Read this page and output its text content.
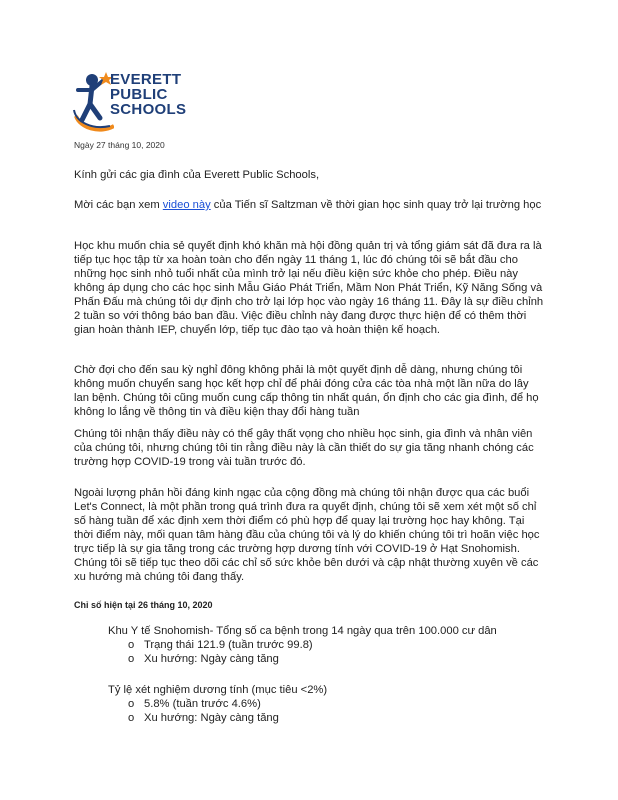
EVERETT
PUBLIC
SCHOOLS
Ngày 27 tháng 10, 2020
Kính gửi các gia đình của Everett Public Schools,
Mời các bạn xem video này của Tiến sĩ Saltzman về thời gian học sinh quay trở lại trường học
Học khu muốn chia sẻ quyết định khó khăn mà hội đồng quản trị và tổng giám sát đã đưa ra là tiếp tục học tập từ xa hoàn toàn cho đến ngày 11 tháng 1, lúc đó chúng tôi sẽ bắt đầu cho những học sinh nhỏ tuổi nhất của mình trở lại nếu điều kiện sức khỏe cho phép. Điều này không áp dụng cho các học sinh Mẫu Giáo Phát Triển, Mầm Non Phát Triển, Kỹ Năng Sống và Phấn Đấu mà chúng tôi dự định cho trở lại lớp học vào ngày 16 tháng 11. Đây là sự điều chỉnh 2 tuần so với thông báo ban đầu. Việc điều chỉnh này đang được thực hiện để có thêm thời gian hoàn thành IEP, chuyển lớp, tiếp tục đào tạo và hoàn thiện kế hoạch.
Chờ đợi cho đến sau kỳ nghỉ đông không phải là một quyết định dễ dàng, nhưng chúng tôi không muốn chuyển sang học kết hợp chỉ để phải đóng cửa các tòa nhà một lần nữa do lây lan bệnh. Chúng tôi cũng muốn cung cấp thông tin nhất quán, ổn định cho các gia đình, để họ không lo lắng về thông tin và điều kiện thay đổi hàng tuần
Chúng tôi nhận thấy điều này có thể gây thất vọng cho nhiều học sinh, gia đình và nhân viên của chúng tôi, nhưng chúng tôi tin rằng điều này là cần thiết do sự gia tăng nhanh chóng các trường hợp COVID-19 trong vài tuần trước đó.
Ngoài lượng phản hồi đáng kinh ngạc của cộng đồng mà chúng tôi nhận được qua các buổi Let's Connect, là một phần trong quá trình đưa ra quyết định, chúng tôi sẽ xem xét một số chỉ số hàng tuần để xác định xem thời điểm có phù hợp để quay lại trường học hay không. Tại thời điểm này, mối quan tâm hàng đầu của chúng tôi và lý do khiến chúng tôi trì hoãn việc học trực tiếp là sự gia tăng trong các trường hợp dương tính với COVID-19 ở Hạt Snohomish. Chúng tôi sẽ tiếp tục theo dõi các chỉ số sức khỏe bên dưới và cập nhật thường xuyên về các xu hướng mà chúng tôi đang thấy.
Chỉ số hiện tại 26 tháng 10, 2020
Khu Y tế Snohomish- Tổng số ca bệnh trong 14 ngày qua trên 100.000 cư dân
o Trạng thái 121.9 (tuần trước 99.8)
o Xu hướng: Ngày càng tăng
Tỷ lệ xét nghiệm dương tính (mục tiêu <2%)
o 5.8% (tuần trước 4.6%)
o Xu hướng: Ngày càng tăng
